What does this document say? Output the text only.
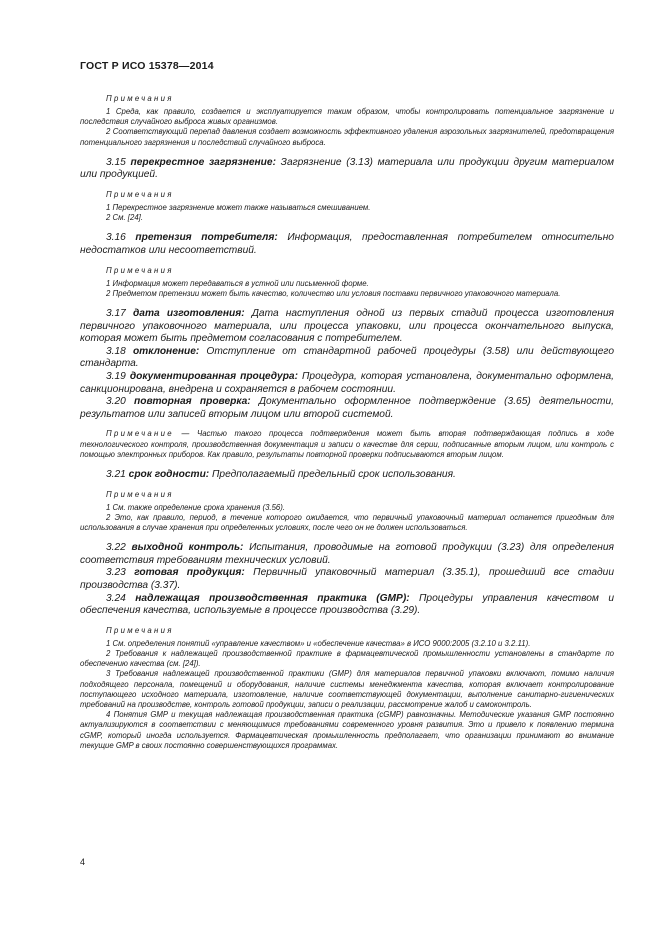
ГОСТ Р ИСО 15378—2014
Примечания

1 Среда, как правило, создается и эксплуатируется таким образом, чтобы контролировать потенциальное загрязнение и последствия случайного выброса живых организмов.

2 Соответствующий перепад давления создает возможность эффективного удаления аэрозольных загрязнителей, предотвращения потенциального загрязнения и последствий случайного выброса.

3.15 перекрестное загрязнение: Загрязнение (3.13) материала или продукции другим материалом или продукцией.

Примечания

1 Перекрестное загрязнение может также называться смешиванием.

2 См. [24].

3.16 претензия потребителя: Информация, предоставленная потребителем относительно недостатков или несоответствий.

Примечания

1 Информация может передаваться в устной или письменной форме.

2 Предметом претензии может быть качество, количество или условия поставки первичного упаковочного материала.

3.17 дата изготовления: Дата наступления одной из первых стадий процесса изготовления первичного упаковочного материала, или процесса упаковки, или процесса окончательного выпуска, которая может быть предметом согласования с потребителем.

3.18 отклонение: Отступление от стандартной рабочей процедуры (3.58) или действующего стандарта.

3.19 документированная процедура: Процедура, которая установлена, документально оформлена, санкционирована, внедрена и сохраняется в рабочем состоянии.

3.20 повторная проверка: Документально оформленное подтверждение (3.65) деятельности, результатов или записей вторым лицом или второй системой.

Примечание — Частью такого процесса подтверждения может быть вторая подтверждающая подпись в ходе технологического контроля, производственная документация и записи о качестве для серии, подписанные вторым лицом, или контроль с помощью электронных приборов. Как правило, результаты повторной проверки подписываются вторым лицом.

3.21 срок годности: Предполагаемый предельный срок использования.

Примечания

1 См. также определение срока хранения (3.56).

2 Это, как правило, период, в течение которого ожидается, что первичный упаковочный материал останется пригодным для использования в случае хранения при определенных условиях, после чего он не должен использоваться.

3.22 выходной контроль: Испытания, проводимые на готовой продукции (3.23) для определения соответствия требованиям технических условий.

3.23 готовая продукция: Первичный упаковочный материал (3.35.1), прошедший все стадии производства (3.37).

3.24 надлежащая производственная практика (GMP): Процедуры управления качеством и обеспечения качества, используемые в процессе производства (3.29).

Примечания

1 См. определения понятий «управление качеством» и «обеспечение качества» в ИСО 9000:2005 (3.2.10 и 3.2.11).

2 Требования к надлежащей производственной практике в фармацевтической промышленности установлены в стандарте по обеспечению качества (см. [24]).

3 Требования надлежащей производственной практики (GMP) для материалов первичной упаковки включают, помимо наличия подходящего персонала, помещений и оборудования, наличие системы менеджмента качества, которая включает контролирование поступающего исходного материала, изготовление, наличие соответствующей документации, выполнение санитарно-гигиенических требований на производстве, контроль готовой продукции, записи о реализации, рассмотрение жалоб и самоконтроль.

4 Понятия GMP и текущая надлежащая производственная практика (cGMP) равнозначны. Методические указания GMP постоянно актуализируются в соответствии с меняющимися требованиями современного уровня развития. Это и привело к появлению термина cGMP, который иногда используется. Фармацевтическая промышленность предполагает, что организации принимают во внимание текущие GMP в своих постоянно совершенствующихся программах.

4
